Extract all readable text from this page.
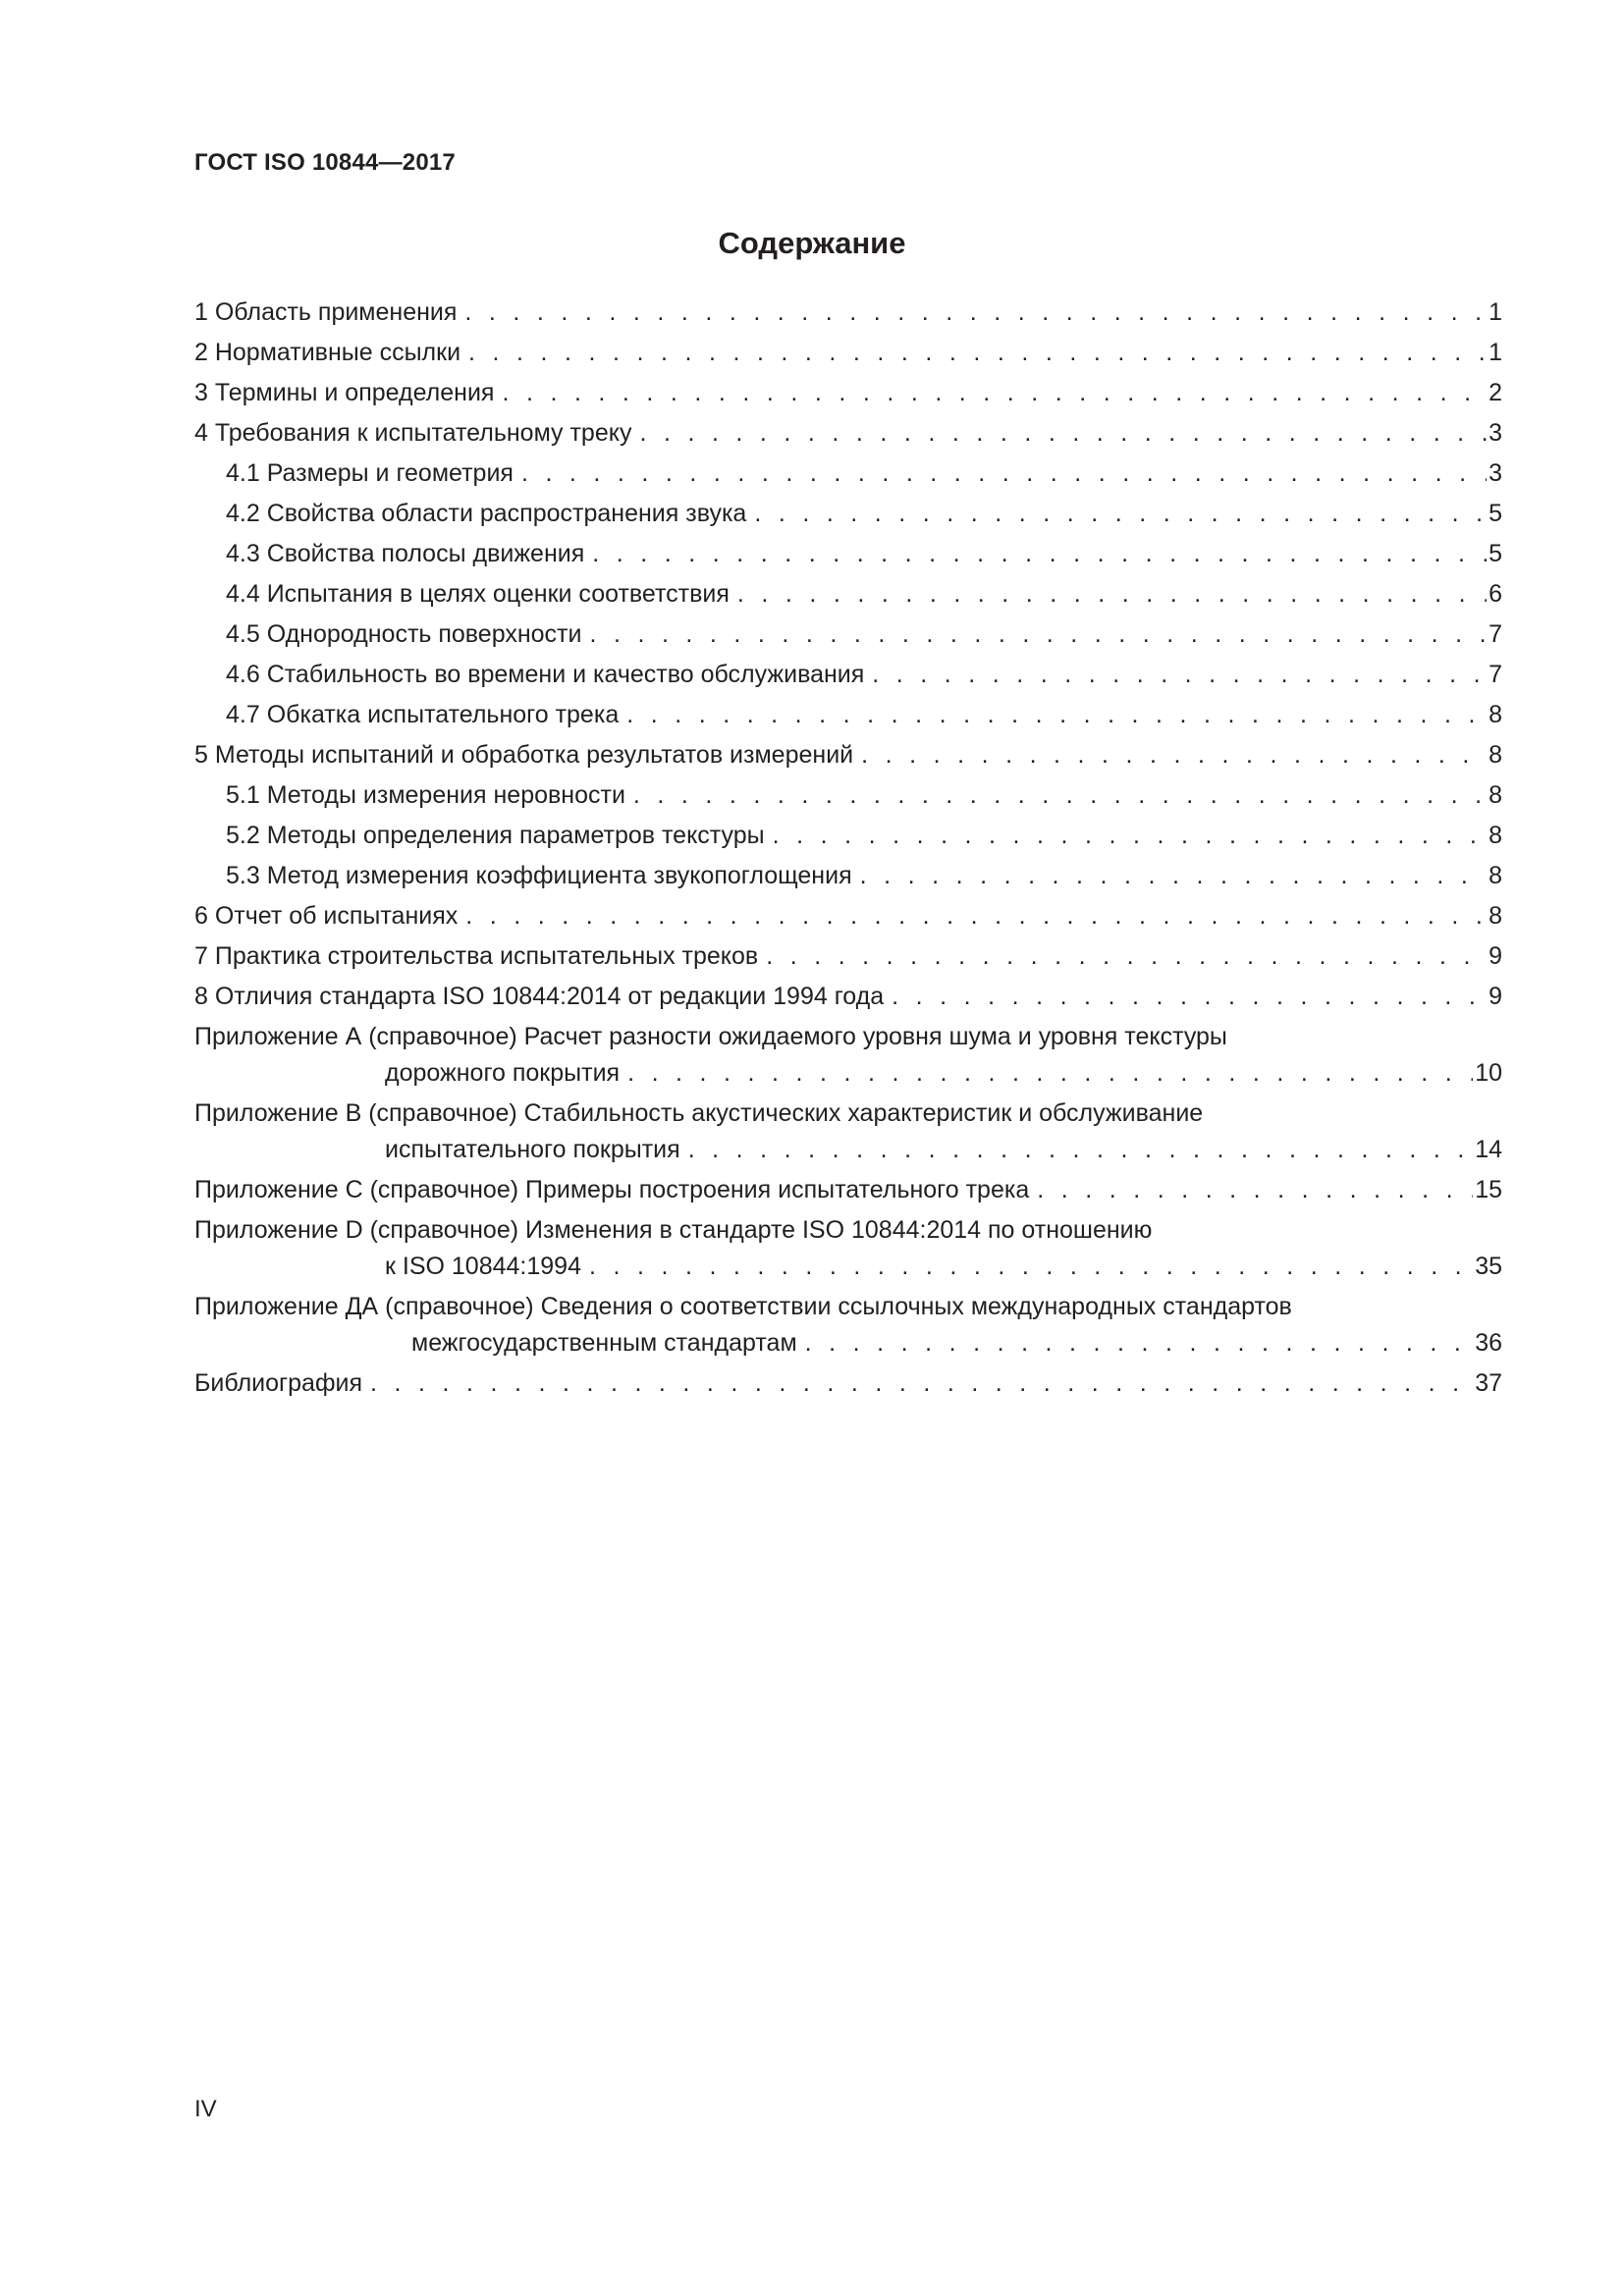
ГОСТ ISO 10844—2017
Содержание
1 Область применения . . .	1
2 Нормативные ссылки . . .	1
3 Термины и определения . . .	2
4 Требования к испытательному треку . . .	3
4.1 Размеры и геометрия . . .	3
4.2 Свойства области распространения звука . . .	5
4.3 Свойства полосы движения . . .	5
4.4 Испытания в целях оценки соответствия . . .	6
4.5 Однородность поверхности . . .	7
4.6 Стабильность во времени и качество обслуживания . . .	7
4.7 Обкатка испытательного трека . . .	8
5 Методы испытаний и обработка результатов измерений . . .	8
5.1 Методы измерения неровности . . .	8
5.2 Методы определения параметров текстуры . . .	8
5.3 Метод измерения коэффициента звукопоглощения . . .	8
6 Отчет об испытаниях . . .	8
7 Практика строительства испытательных треков . . .	9
8 Отличия стандарта ISO 10844:2014 от редакции 1994 года . . .	9
Приложение А (справочное) Расчет разности ожидаемого уровня шума и уровня текстуры
дорожного покрытия . . .	10
Приложение В (справочное) Стабильность акустических характеристик и обслуживание
испытательного покрытия . . .	14
Приложение С (справочное) Примеры построения испытательного трека . . .	15
Приложение D (справочное) Изменения в стандарте ISO 10844:2014 по отношению
к ISO 10844:1994 . . .	35
Приложение ДА (справочное) Сведения о соответствии ссылочных международных стандартов
межгосударственным стандартам . . .	36
Библиография . . .	37
IV
